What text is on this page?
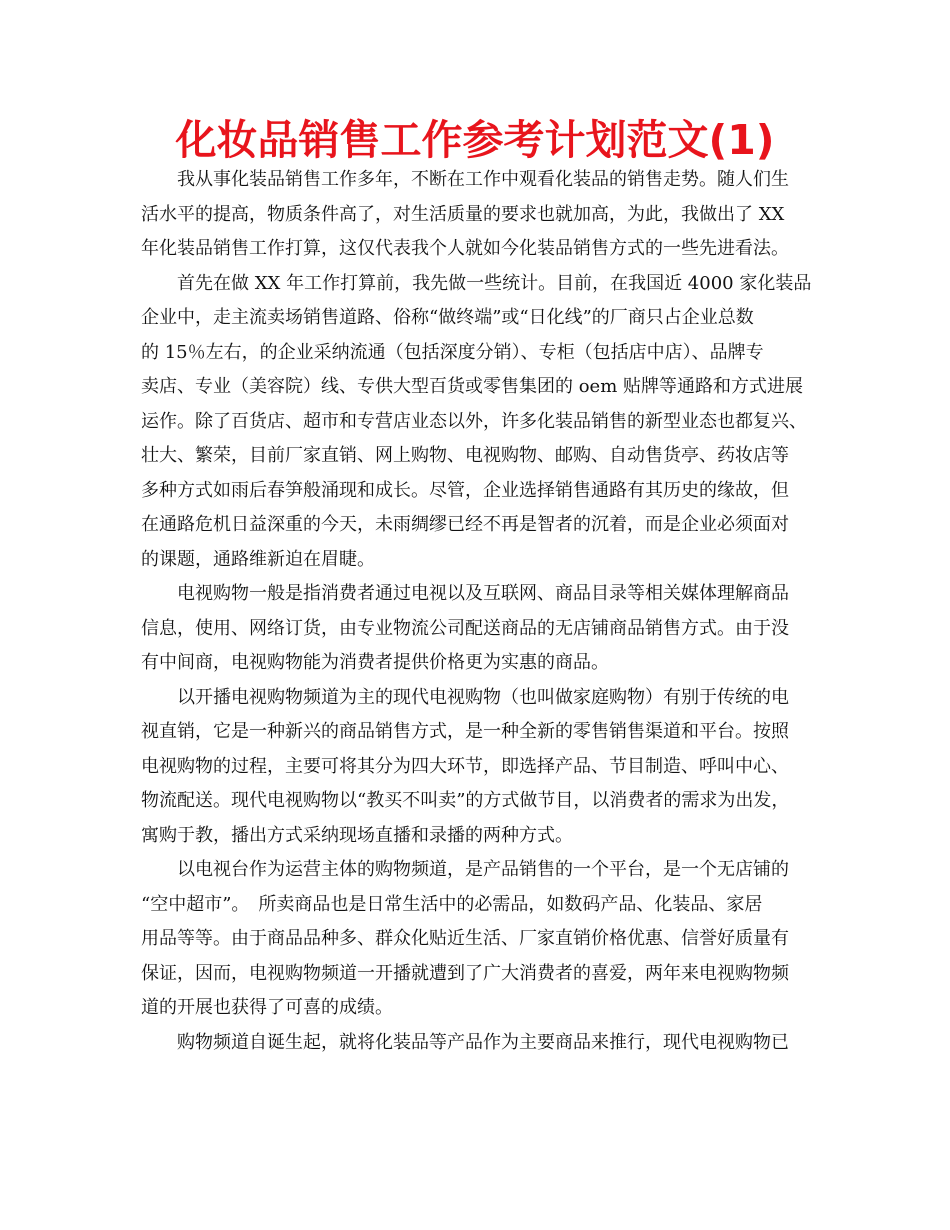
化妆品销售工作参考计划范文(1)

我从事化装品销售工作多年，不断在工作中观看化装品的销售走势。随人们生
活水平的提高，物质条件高了，对生活质量的要求也就加高，为此，我做出了 XX
年化装品销售工作打算，这仅代表我个人就如今化装品销售方式的一些先进看法。

首先在做 XX 年工作打算前，我先做一些统计。目前，在我国近 4000 家化装品
企业中，走主流卖场销售道路、俗称“做终端”或“日化线”的厂商只占企业总数
的 15％左右，的企业采纳流通（包括深度分销）、专柜（包括店中店）、品牌专
卖店、专业（美容院）线、专供大型百货或零售集团的 oem 贴牌等通路和方式进展
运作。除了百货店、超市和专营店业态以外，许多化装品销售的新型业态也都复兴、
壮大、繁荣，目前厂家直销、网上购物、电视购物、邮购、自动售货亭、药妆店等
多种方式如雨后春笋般涌现和成长。尽管，企业选择销售通路有其历史的缘故，但
在通路危机日益深重的今天，未雨绸缪已经不再是智者的沉着，而是企业必须面对
的课题，通路维新迫在眉睫。

电视购物一般是指消费者通过电视以及互联网、商品目录等相关媒体理解商品
信息，使用、网络订货，由专业物流公司配送商品的无店铺商品销售方式。由于没
有中间商，电视购物能为消费者提供价格更为实惠的商品。

以开播电视购物频道为主的现代电视购物（也叫做家庭购物）有别于传统的电
视直销，它是一种新兴的商品销售方式，是一种全新的零售销售渠道和平台。按照
电视购物的过程，主要可将其分为四大环节，即选择产品、节目制造、呼叫中心、
物流配送。现代电视购物以“教买不叫卖”的方式做节目，以消费者的需求为出发，
寓购于教，播出方式采纳现场直播和录播的两种方式。

以电视台作为运营主体的购物频道，是产品销售的一个平台，是一个无店铺的
“空中超市”。　所卖商品也是日常生活中的必需品，如数码产品、化装品、家居
用品等等。由于商品品种多、群众化贴近生活、厂家直销价格优惠、信誉好质量有
保证，因而，电视购物频道一开播就遭到了广大消费者的喜爱，两年来电视购物频
道的开展也获得了可喜的成绩。

购物频道自诞生起，就将化装品等产品作为主要商品来推行，现代电视购物已
